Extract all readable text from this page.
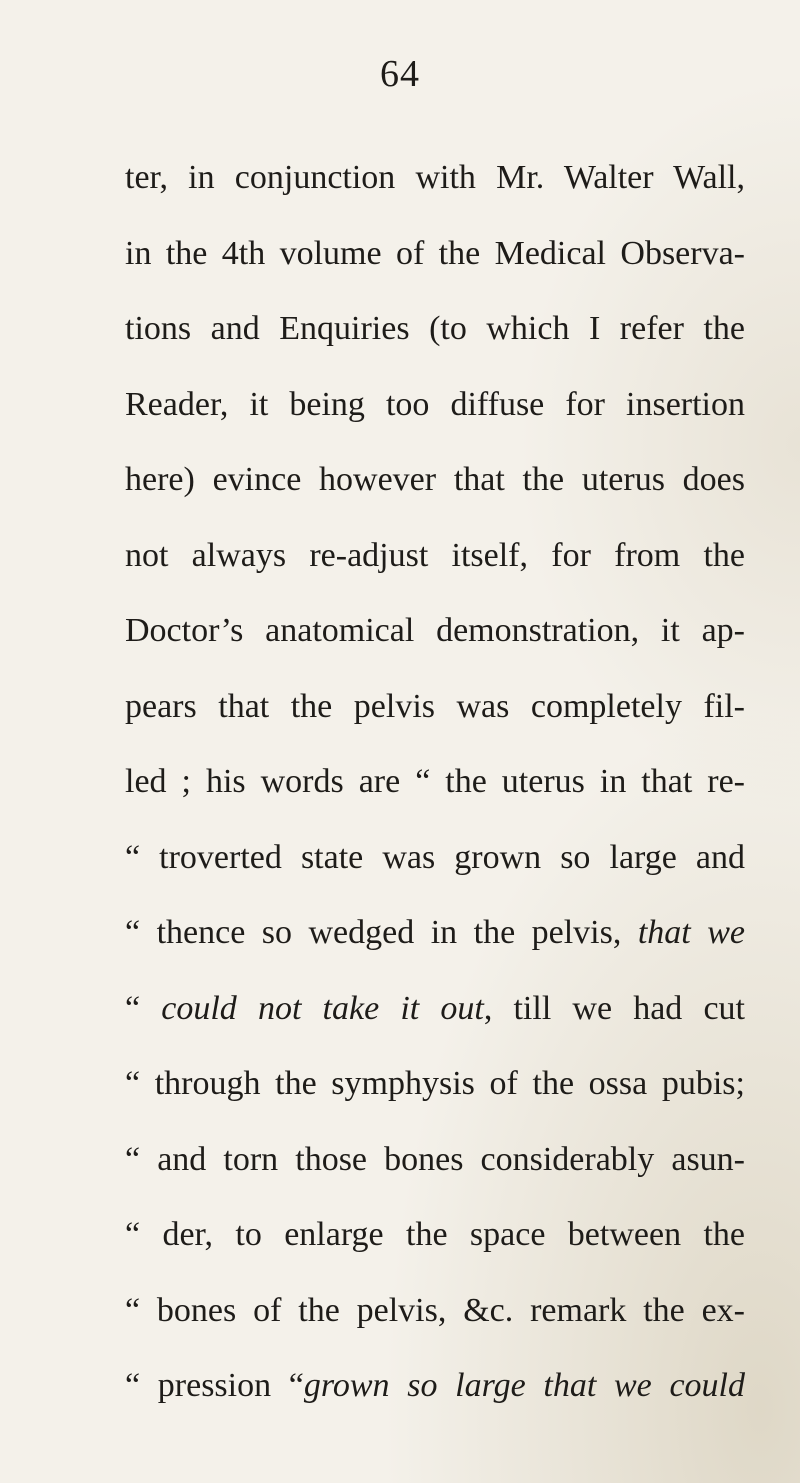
64
ter, in conjunction with Mr. Walter Wall,
in the 4th volume of the Medical Observa-
tions and Enquiries (to which I refer the
Reader, it being too diffuse for insertion
here) evince however that the uterus does
not always re-adjust itself, for from the
Doctor’s anatomical demonstration, it ap-
pears that the pelvis was completely fil-
led ; his words are “ the uterus in that re-
“ troverted state was grown so large and
“ thence so wedged in the pelvis, that we
“ could not take it out, till we had cut
“ through the symphysis of the ossa pubis;
“ and torn those bones considerably asun-
“ der, to enlarge the space between the
“ bones of the pelvis, &c. remark the ex-
“ pression “grown so large that we could
